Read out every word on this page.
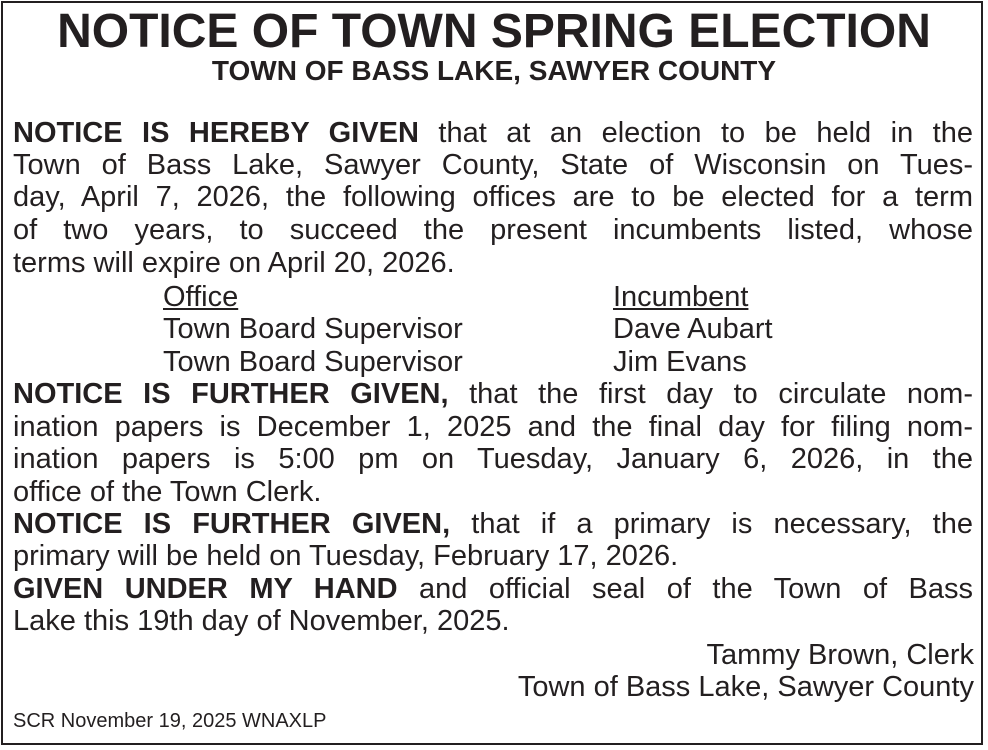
NOTICE OF TOWN SPRING ELECTION
TOWN OF BASS LAKE, SAWYER COUNTY
NOTICE IS HEREBY GIVEN that at an election to be held in the
Town of Bass Lake, Sawyer County, State of Wisconsin on Tues-
day, April 7, 2026, the following offices are to be elected for a term
of two years, to succeed the present incumbents listed, whose
terms will expire on April 20, 2026.
Office	Incumbent
Town Board Supervisor	Dave Aubart
Town Board Supervisor	Jim Evans
NOTICE IS FURTHER GIVEN, that the first day to circulate nom-
ination papers is December 1, 2025 and the final day for filing nom-
ination papers is 5:00 pm on Tuesday, January 6, 2026, in the
office of the Town Clerk.
NOTICE IS FURTHER GIVEN, that if a primary is necessary, the
primary will be held on Tuesday, February 17, 2026.
GIVEN UNDER MY HAND and official seal of the Town of Bass
Lake this 19th day of November, 2025.
Tammy Brown, Clerk
Town of Bass Lake, Sawyer County
SCR November 19, 2025 WNAXLP
